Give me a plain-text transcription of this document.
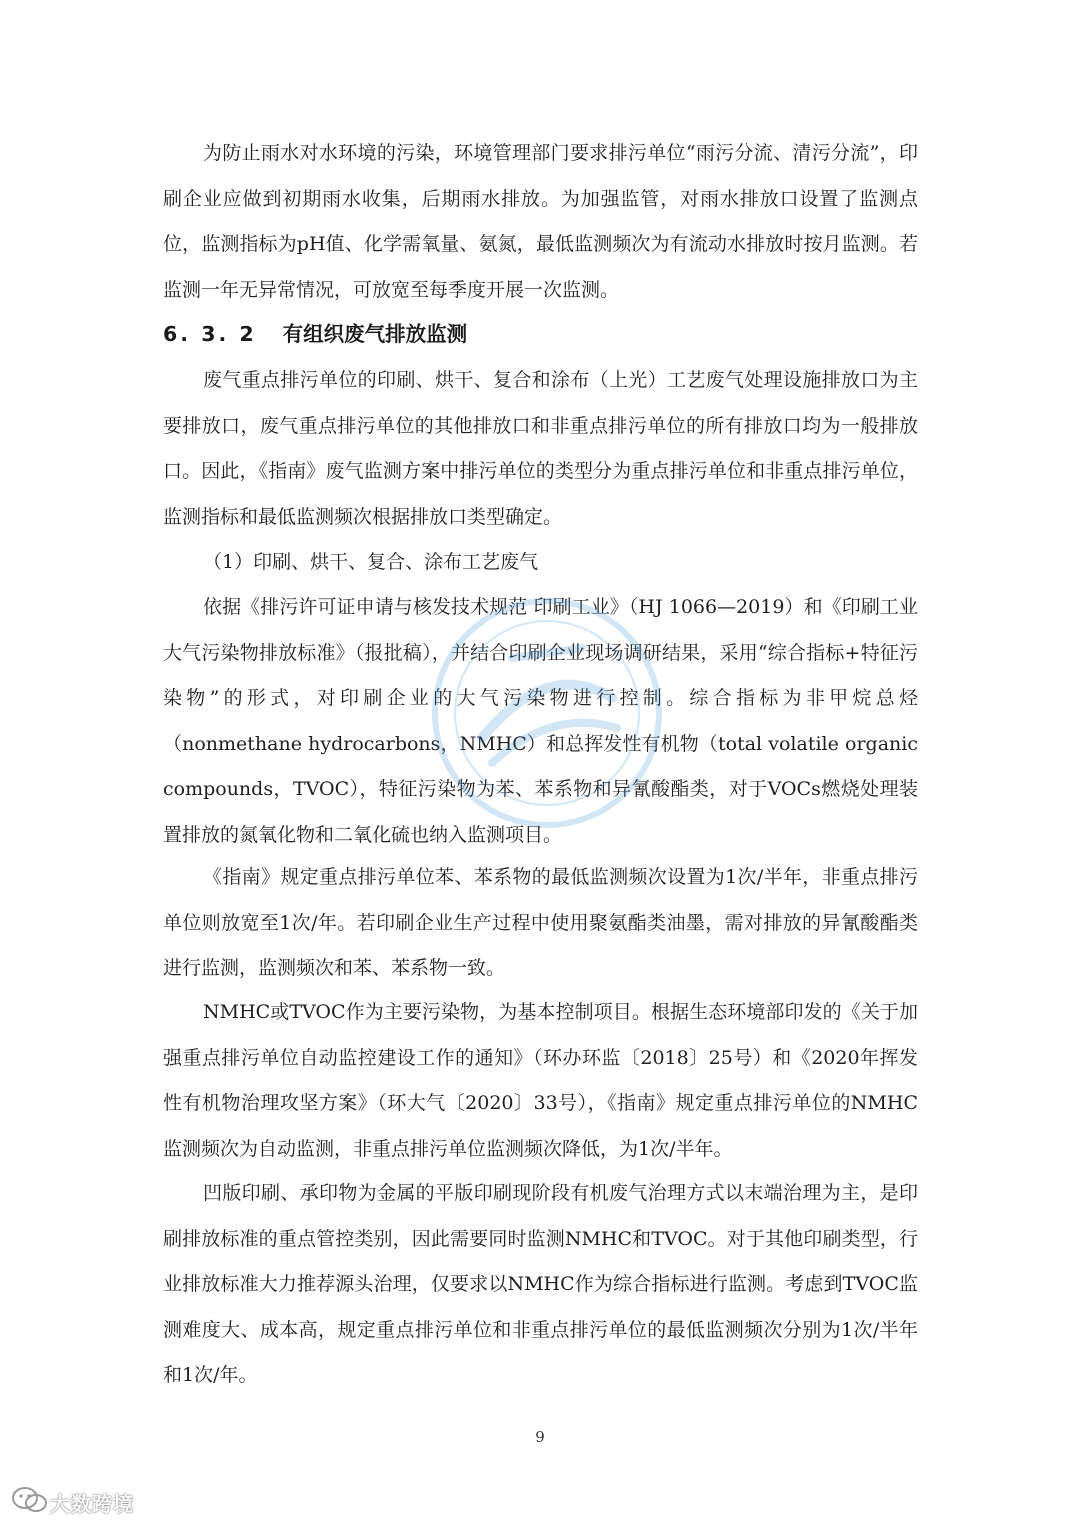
为防止雨水对水环境的污染，环境管理部门要求排污单位“雨污分流、清污分流”，印刷企业应做到初期雨水收集，后期雨水排放。为加强监管，对雨水排放口设置了监测点位，监测指标为pH值、化学需氧量、氨氮，最低监测频次为有流动水排放时按月监测。若监测一年无异常情况，可放宽至每季度开展一次监测。

6. 3. 2 有组织废气排放监测

废气重点排污单位的印刷、烘干、复合和涂布（上光）工艺废气处理设施排放口为主要排放口，废气重点排污单位的其他排放口和非重点排污单位的所有排放口均为一般排放口。因此，《指南》废气监测方案中排污单位的类型分为重点排污单位和非重点排污单位，监测指标和最低监测频次根据排放口类型确定。

（1）印刷、烘干、复合、涂布工艺废气

依据《排污许可证申请与核发技术规范 印刷工业》（HJ 1066—2019）和《印刷工业大气污染物排放标准》（报批稿），并结合印刷企业现场调研结果，采用“综合指标+特征污染物”的形式，对印刷企业的大气污染物进行控制。综合指标为非甲烷总烃（nonmethane hydrocarbons，NMHC）和总挥发性有机物（total volatile organic compounds，TVOC），特征污染物为苯、苯系物和异氰酸酯类，对于VOCs燃烧处理装置排放的氮氧化物和二氧化硫也纳入监测项目。

《指南》规定重点排污单位苯、苯系物的最低监测频次设置为1次/半年，非重点排污单位则放宽至1次/年。若印刷企业生产过程中使用聚氨酯类油墨，需对排放的异氰酸酯类进行监测，监测频次和苯、苯系物一致。

NMHC或TVOC作为主要污染物，为基本控制项目。根据生态环境部印发的《关于加强重点排污单位自动监控建设工作的通知》（环办环监〔2018〕25号）和《2020年挥发性有机物治理攻坚方案》（环大气〔2020〕33号），《指南》规定重点排污单位的NMHC监测频次为自动监测，非重点排污单位监测频次降低，为1次/半年。

凹版印刷、承印物为金属的平版印刷现阶段有机废气治理方式以末端治理为主，是印刷排放标准的重点管控类别，因此需要同时监测NMHC和TVOC。对于其他印刷类型，行业排放标准大力推荐源头治理，仅要求以NMHC作为综合指标进行监测。考虑到TVOC监测难度大、成本高，规定重点排污单位和非重点排污单位的最低监测频次分别为1次/半年和1次/年。

9
大数跨境
